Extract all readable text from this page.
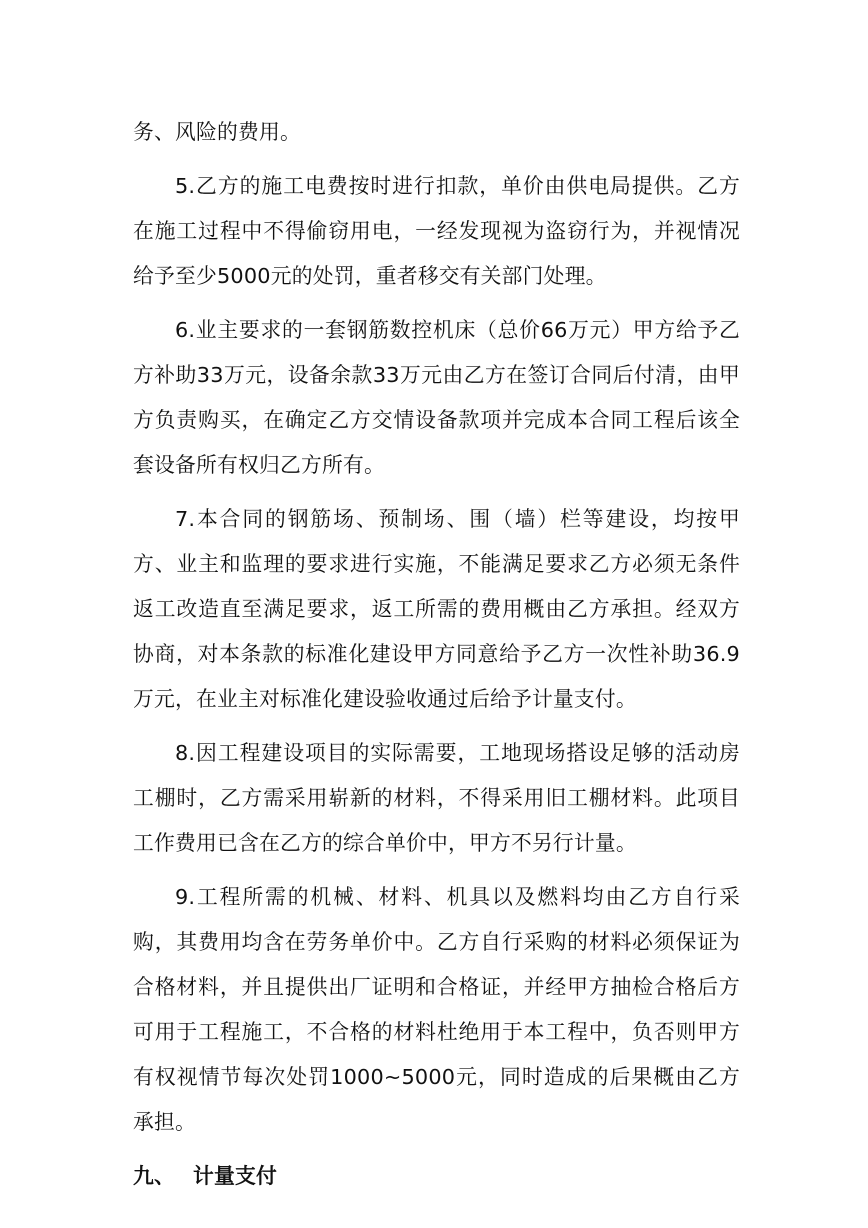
务、风险的费用。

5.乙方的施工电费按时进行扣款，单价由供电局提供。乙方在施工过程中不得偷窃用电，一经发现视为盗窃行为，并视情况给予至少5000元的处罚，重者移交有关部门处理。

6.业主要求的一套钢筋数控机床（总价66万元）甲方给予乙方补助33万元，设备余款33万元由乙方在签订合同后付清，由甲方负责购买，在确定乙方交情设备款项并完成本合同工程后该全套设备所有权归乙方所有。

7.本合同的钢筋场、预制场、围（墙）栏等建设，均按甲方、业主和监理的要求进行实施，不能满足要求乙方必须无条件返工改造直至满足要求，返工所需的费用概由乙方承担。经双方协商，对本条款的标准化建设甲方同意给予乙方一次性补助36.9万元，在业主对标准化建设验收通过后给予计量支付。

8.因工程建设项目的实际需要，工地现场搭设足够的活动房工棚时，乙方需采用崭新的材料，不得采用旧工棚材料。此项目工作费用已含在乙方的综合单价中，甲方不另行计量。

9.工程所需的机械、材料、机具以及燃料均由乙方自行采购，其费用均含在劳务单价中。乙方自行采购的材料必须保证为合格材料，并且提供出厂证明和合格证，并经甲方抽检合格后方可用于工程施工，不合格的材料杜绝用于本工程中，负否则甲方有权视情节每次处罚1000~5000元，同时造成的后果概由乙方承担。

九、 计量支付
